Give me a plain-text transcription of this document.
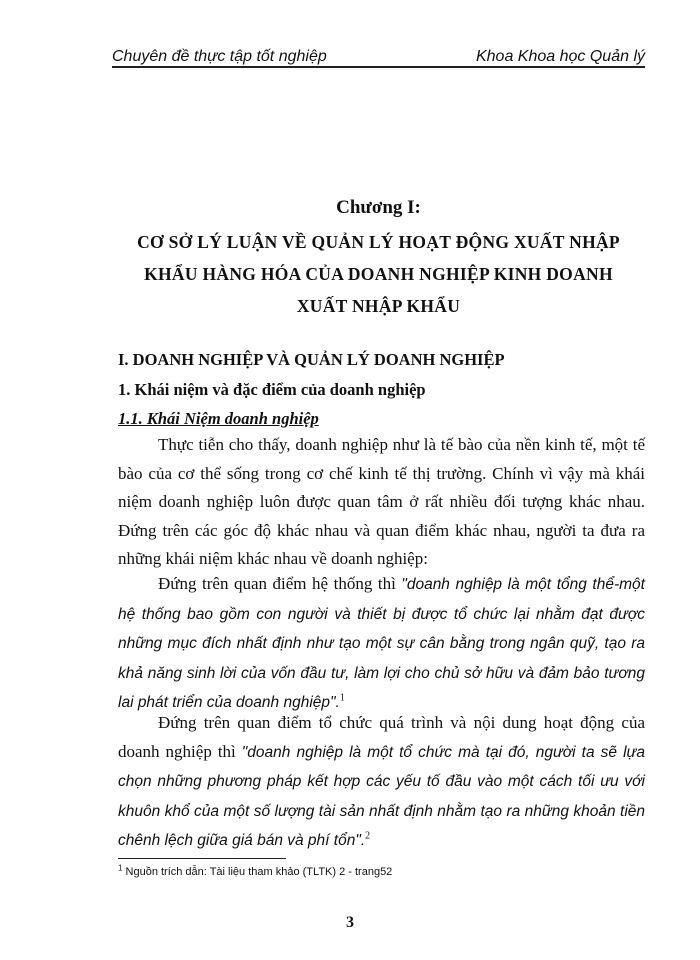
Chuyên đề thực tập tốt nghiệp	Khoa Khoa học Quản lý
Chương I:
CƠ SỞ LÝ LUẬN VỀ QUẢN LÝ HOẠT ĐỘNG XUẤT NHẬP
KHẨU HÀNG HÓA CỦA DOANH NGHIỆP KINH DOANH
XUẤT NHẬP KHẨU
I. DOANH NGHIỆP VÀ QUẢN LÝ DOANH NGHIỆP
1. Khái niệm và đặc điểm của doanh nghiệp
1.1. Khái Niệm doanh nghiệp

Thực tiễn cho thấy, doanh nghiệp như là tế bào của nền kinh tế, một tế bào của cơ thể sống trong cơ chế kinh tế thị trường. Chính vì vậy mà khái niệm doanh nghiệp luôn được quan tâm ở rất nhiều đối tượng khác nhau. Đứng trên các góc độ khác nhau và quan điểm khác nhau, người ta đưa ra những khái niệm khác nhau về doanh nghiệp:

Đứng trên quan điểm hệ thống thì "doanh nghiệp là một tổng thể-một hệ thống bao gồm con người và thiết bị được tổ chức lại nhằm đạt được những mục đích nhất định như tạo một sự cân bằng trong ngân quỹ, tạo ra khả năng sinh lời của vốn đầu tư, làm lợi cho chủ sở hữu và đảm bảo tương lai phát triển của doanh nghiệp".$^1$

Đứng trên quan điểm tổ chức quá trình và nội dung hoạt động của doanh nghiệp thì "doanh nghiệp là một tổ chức mà tại đó, người ta sẽ lựa chọn những phương pháp kết hợp các yếu tố đầu vào một cách tối ưu với khuôn khổ của một số lượng tài sản nhất định nhằm tạo ra những khoản tiền chênh lệch giữa giá bán và phí tổn".$^2$

$^1$ Nguồn trích dẫn: Tài liệu tham khảo (TLTK) 2 - trang52
3
